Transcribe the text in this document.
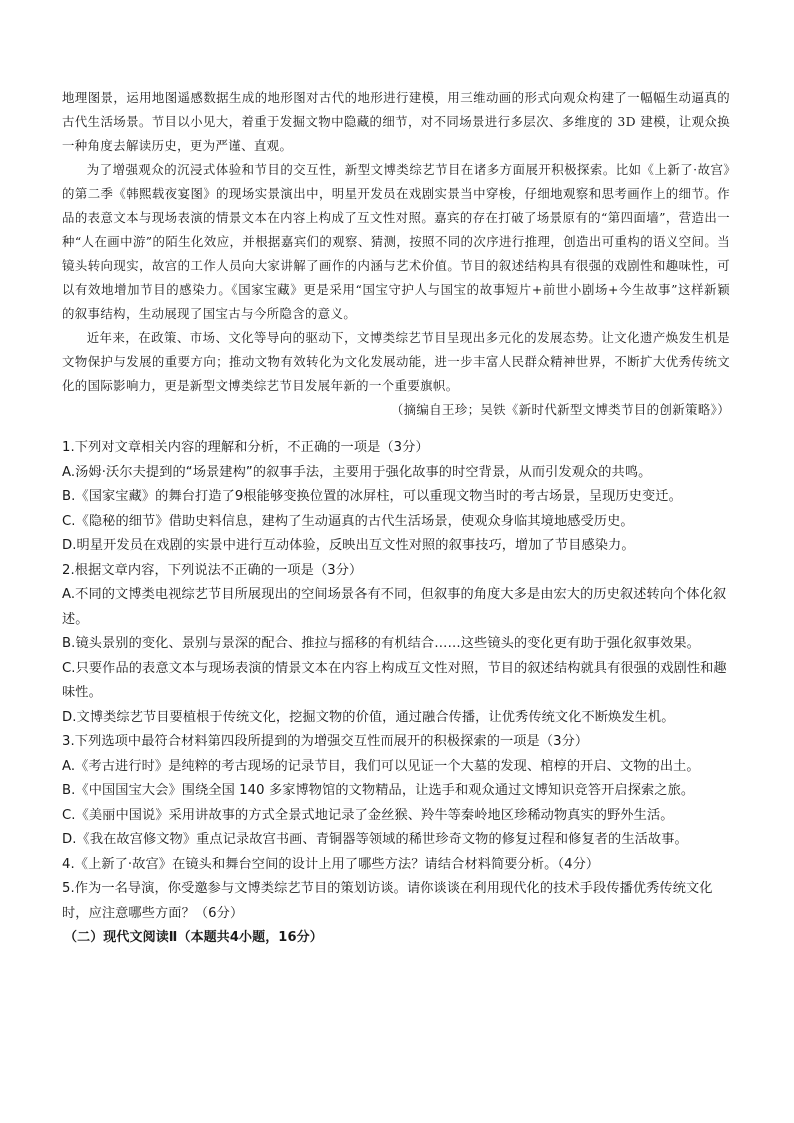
地理图景，运用地图遥感数据生成的地形图对古代的地形进行建模，用三维动画的形式向观众构建了一幅幅生动逼真的古代生活场景。节目以小见大，着重于发掘文物中隐藏的细节，对不同场景进行多层次、多维度的 3D 建模，让观众换一种角度去解读历史，更为严谨、直观。

为了增强观众的沉浸式体验和节目的交互性，新型文博类综艺节目在诸多方面展开积极探索。比如《上新了·故宫》的第二季《韩熙载夜宴图》的现场实景演出中，明星开发员在戏剧实景当中穿梭，仔细地观察和思考画作上的细节。作品的表意文本与现场表演的情景文本在内容上构成了互文性对照。嘉宾的存在打破了场景原有的“第四面墙”，营造出一种“人在画中游”的陌生化效应，并根据嘉宾们的观察、猜测，按照不同的次序进行推理，创造出可重构的语义空间。当镜头转向现实，故宫的工作人员向大家讲解了画作的内涵与艺术价值。节目的叙述结构具有很强的戏剧性和趣味性，可以有效地增加节目的感染力。《国家宝藏》更是采用“国宝守护人与国宝的故事短片+前世小剧场+今生故事”这样新颖的叙事结构，生动展现了国宝古与今所隐含的意义。

近年来，在政策、市场、文化等导向的驱动下，文博类综艺节目呈现出多元化的发展态势。让文化遗产焕发生机是文物保护与发展的重要方向；推动文物有效转化为文化发展动能，进一步丰富人民群众精神世界，不断扩大优秀传统文化的国际影响力，更是新型文博类综艺节目发展年新的一个重要旗帜。

（摘编自王珍；吴铁《新时代新型文博类节目的创新策略》）

1.下列对文章相关内容的理解和分析，不正确的一项是（3分）

A.汤姆·沃尔夫提到的“场景建构”的叙事手法，主要用于强化故事的时空背景，从而引发观众的共鸣。

B.《国家宝藏》的舞台打造了9根能够变换位置的冰屏柱，可以重现文物当时的考古场景，呈现历史变迁。

C.《隐秘的细节》借助史料信息，建构了生动逼真的古代生活场景，使观众身临其境地感受历史。

D.明星开发员在戏剧的实景中进行互动体验，反映出互文性对照的叙事技巧，增加了节目感染力。

2.根据文章内容，下列说法不正确的一项是（3分）

A.不同的文博类电视综艺节目所展现出的空间场景各有不同，但叙事的角度大多是由宏大的历史叙述转向个体化叙述。

B.镜头景别的变化、景别与景深的配合、推拉与摇移的有机结合……这些镜头的变化更有助于强化叙事效果。

C.只要作品的表意文本与现场表演的情景文本在内容上构成互文性对照，节目的叙述结构就具有很强的戏剧性和趣味性。

D.文博类综艺节目要植根于传统文化，挖掘文物的价值，通过融合传播，让优秀传统文化不断焕发生机。

3.下列选项中最符合材料第四段所提到的为增强交互性而展开的积极探索的一项是（3分）

A.《考古进行时》是纯粹的考古现场的记录节目，我们可以见证一个大墓的发现、棺椁的开启、文物的出土。

B.《中国国宝大会》围绕全国 140 多家博物馆的文物精品，让选手和观众通过文博知识竞答开启探索之旅。

C.《美丽中国说》采用讲故事的方式全景式地记录了金丝猴、羚牛等秦岭地区珍稀动物真实的野外生活。

D.《我在故宫修文物》重点记录故宫书画、青铜器等领域的稀世珍奇文物的修复过程和修复者的生活故事。

4.《上新了·故宫》在镜头和舞台空间的设计上用了哪些方法？请结合材料简要分析。（4分）

5.作为一名导演，你受邀参与文博类综艺节目的策划访谈。请你谈谈在利用现代化的技术手段传播优秀传统文化时，应注意哪些方面？（6分）

（二）现代文阅读Ⅱ（本题共4小题，16分）
